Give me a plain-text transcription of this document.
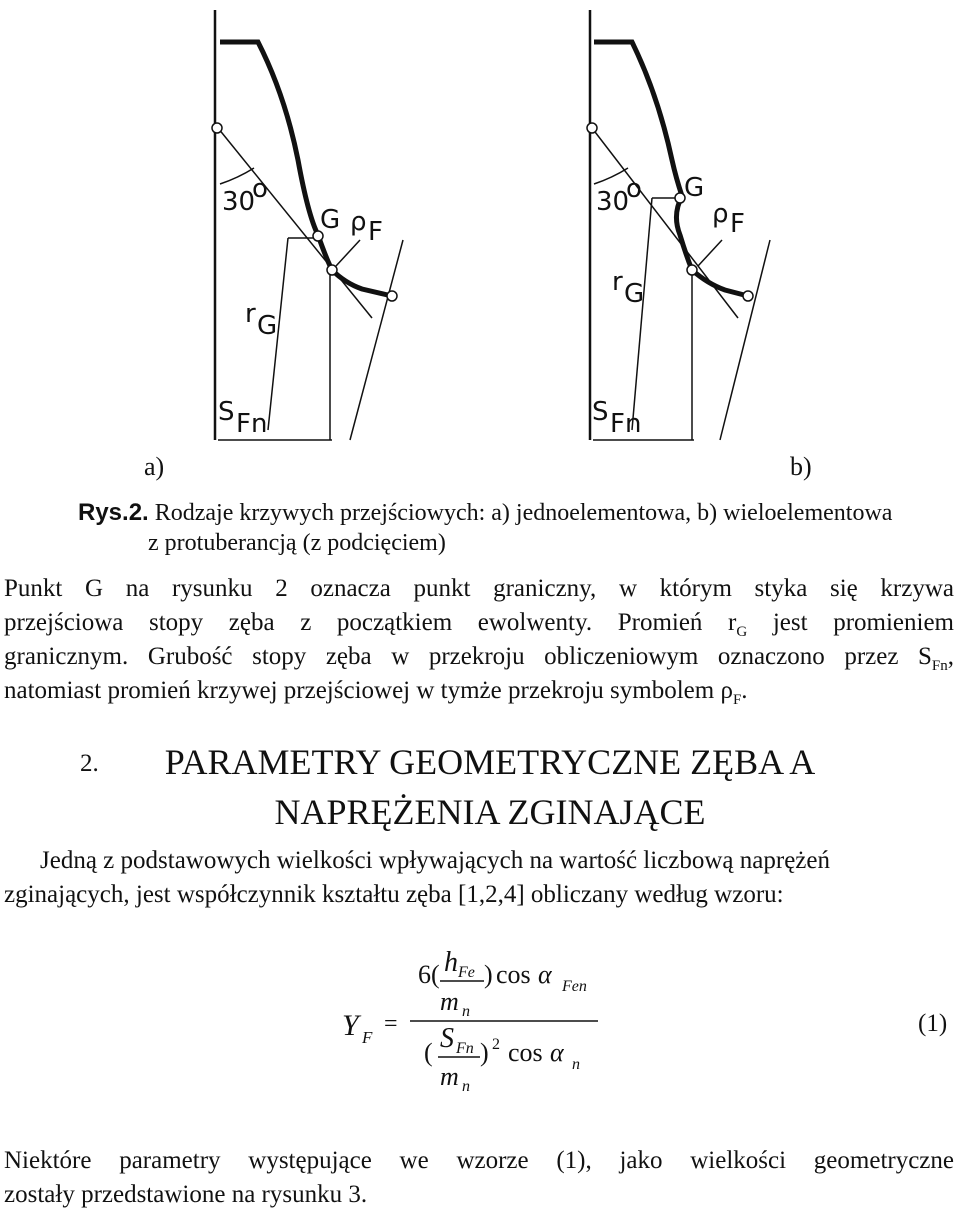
30
o
G ρ F
r G
S Fn
30
o G
ρ F
r G
S Fn
a)	b)
Rys.2. Rodzaje krzywych przejściowych: a) jednoelementowa, b) wieloelementowa
z protuberancją (z podcięciem)
Punkt G na rysunku 2 oznacza punkt graniczny, w którym styka się krzywa
przejściowa stopy zęba z początkiem ewolwenty. Promień $r_G$ jest promieniem
granicznym. Grubość stopy zęba w przekroju obliczeniowym oznaczono przez $S_{Fn}$,
natomiast promień krzywej przejściowej w tymże przekroju symbolem $\rho_F$.
2.	PARAMETRY GEOMETRYCZNE ZĘBA A
NAPRĘŻENIA ZGINAJĄCE
Jedną z podstawowych wielkości wpływających na wartość liczbową naprężeń
zginających, jest współczynnik kształtu zęba [1,2,4] obliczany według wzoru:
Y F
=
6( h Fe ) cos α Fen
m n
( S Fn ) 2 cos α n
m n
(1)
Niektóre parametry występujące we wzorze (1), jako wielkości geometryczne
zostały przedstawione na rysunku 3.
